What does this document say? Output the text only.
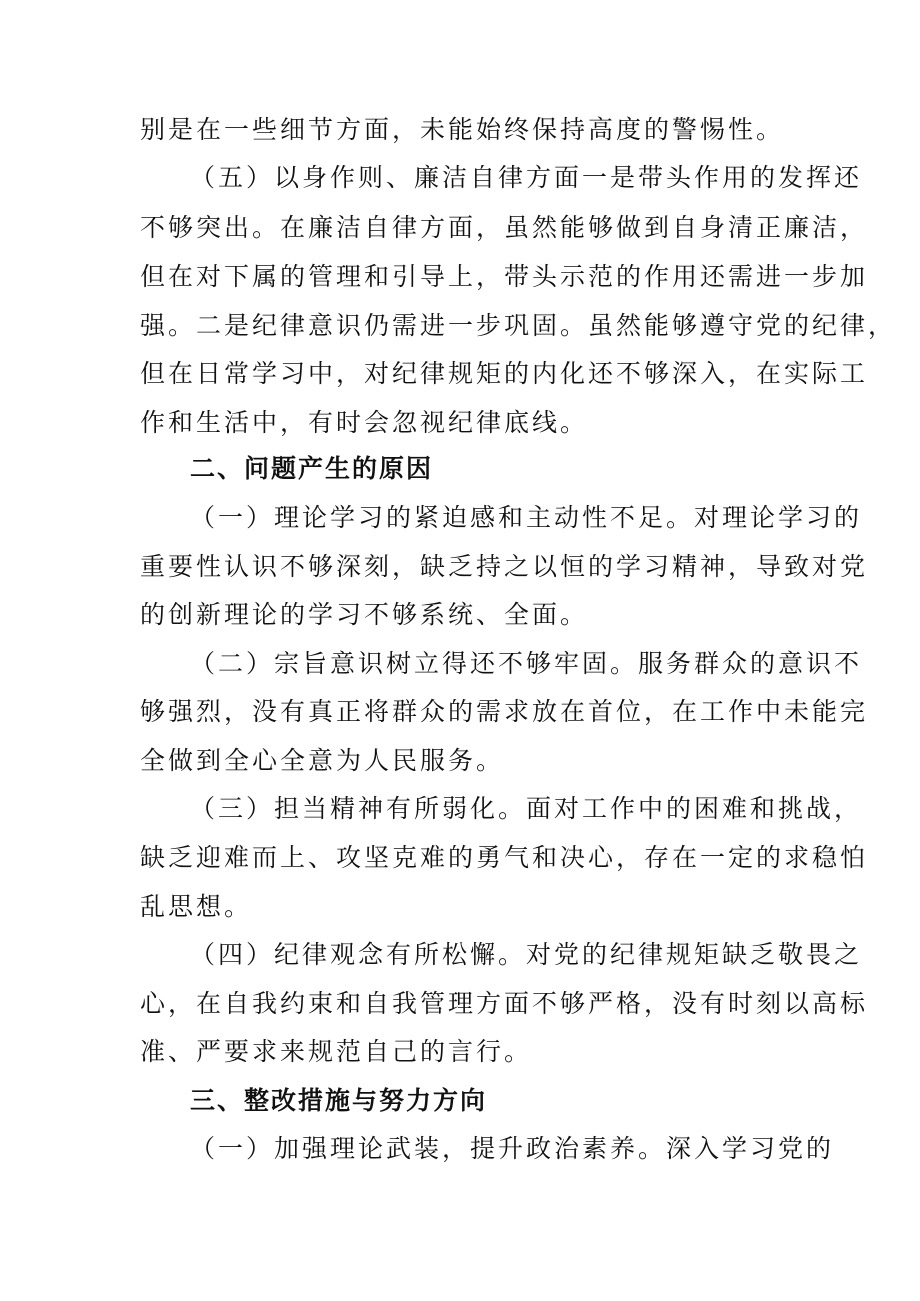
别是在一些细节方面，未能始终保持高度的警惕性。
（五）以身作则、廉洁自律方面一是带头作用的发挥还
不够突出。在廉洁自律方面，虽然能够做到自身清正廉洁，
但在对下属的管理和引导上，带头示范的作用还需进一步加
强。二是纪律意识仍需进一步巩固。虽然能够遵守党的纪律，
但在日常学习中，对纪律规矩的内化还不够深入，在实际工
作和生活中，有时会忽视纪律底线。
二、问题产生的原因
（一）理论学习的紧迫感和主动性不足。对理论学习的
重要性认识不够深刻，缺乏持之以恒的学习精神，导致对党
的创新理论的学习不够系统、全面。
（二）宗旨意识树立得还不够牢固。服务群众的意识不
够强烈，没有真正将群众的需求放在首位，在工作中未能完
全做到全心全意为人民服务。
（三）担当精神有所弱化。面对工作中的困难和挑战，
缺乏迎难而上、攻坚克难的勇气和决心，存在一定的求稳怕
乱思想。
（四）纪律观念有所松懈。对党的纪律规矩缺乏敬畏之
心，在自我约束和自我管理方面不够严格，没有时刻以高标
准、严要求来规范自己的言行。
三、整改措施与努力方向
（一）加强理论武装，提升政治素养。深入学习党的
